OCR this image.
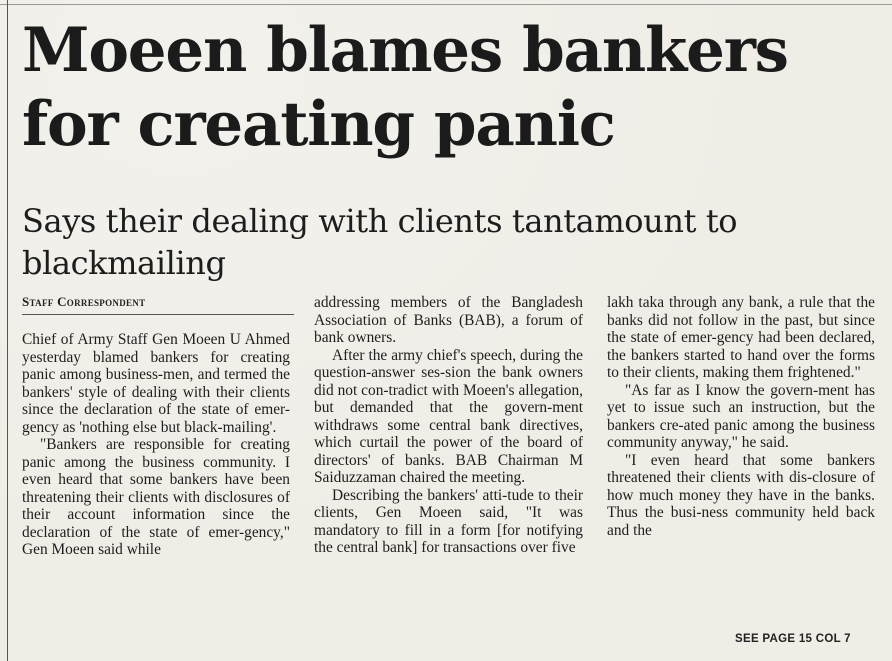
Moeen blames bankers for creating panic
Says their dealing with clients tantamount to blackmailing
Staff Correspondent

Chief of Army Staff Gen Moeen U Ahmed yesterday blamed bankers for creating panic among business-men, and termed the bankers' style of dealing with their clients since the declaration of the state of emer-gency as 'nothing else but black-mailing'.

"Bankers are responsible for creating panic among the business community. I even heard that some bankers have been threatening their clients with disclosures of their account information since the declaration of the state of emer-gency," Gen Moeen said while

addressing members of the Bangladesh Association of Banks (BAB), a forum of bank owners.

After the army chief's speech, during the question-answer ses-sion the bank owners did not con-tradict with Moeen's allegation, but demanded that the govern-ment withdraws some central bank directives, which curtail the power of the board of directors' of banks. BAB Chairman M Saiduzzaman chaired the meeting.

Describing the bankers' atti-tude to their clients, Gen Moeen said, "It was mandatory to fill in a form [for notifying the central bank] for transactions over five

lakh taka through any bank, a rule that the banks did not follow in the past, but since the state of emer-gency had been declared, the bankers started to hand over the forms to their clients, making them frightened."

"As far as I know the govern-ment has yet to issue such an instruction, but the bankers cre-ated panic among the business community anyway," he said.

"I even heard that some bankers threatened their clients with dis-closure of how much money they have in the banks. Thus the busi-ness community held back and the

SEE PAGE 15 COL 7
